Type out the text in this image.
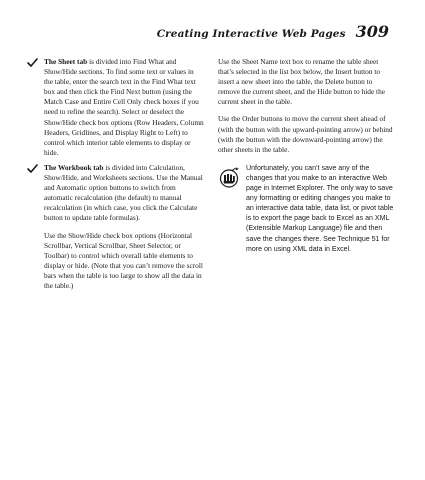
Creating Interactive Web Pages 309
The Sheet tab is divided into Find What and Show/Hide sections. To find some text or values in the table, enter the search text in the Find What text box and then click the Find Next button (using the Match Case and Entire Cell Only check boxes if you need to refine the search). Select or deselect the Show/Hide check box options (Row Headers, Column Headers, Gridlines, and Display Right to Left) to control which interior table elements to display or hide.
The Workbook tab is divided into Calculation, Show/Hide, and Worksheets sections. Use the Manual and Automatic option buttons to switch from automatic recalculation (the default) to manual recalculation (in which case, you click the Calculate button to update table formulas).

Use the Show/Hide check box options (Horizontal Scrollbar, Vertical Scrollbar, Sheet Selector, or Toolbar) to control which overall table elements to display or hide. (Note that you can’t remove the scroll bars when the table is too large to show all the data in the table.)

Use the Sheet Name text box to rename the table sheet that’s selected in the list box below, the Insert button to insert a new sheet into the table, the Delete button to remove the current sheet, and the Hide button to hide the current sheet in the table.

Use the Order buttons to move the current sheet ahead of (with the button with the upward-pointing arrow) or behind (with the button with the downward-pointing arrow) the other sheets in the table.

Unfortunately, you can’t save any of the changes that you make to an interactive Web page in Internet Explorer. The only way to save any formatting or editing changes you make to an interactive data table, data list, or pivot table is to export the page back to Excel as an XML (Extensible Markup Language) file and then save the changes there. See Technique 51 for more on using XML data in Excel.
